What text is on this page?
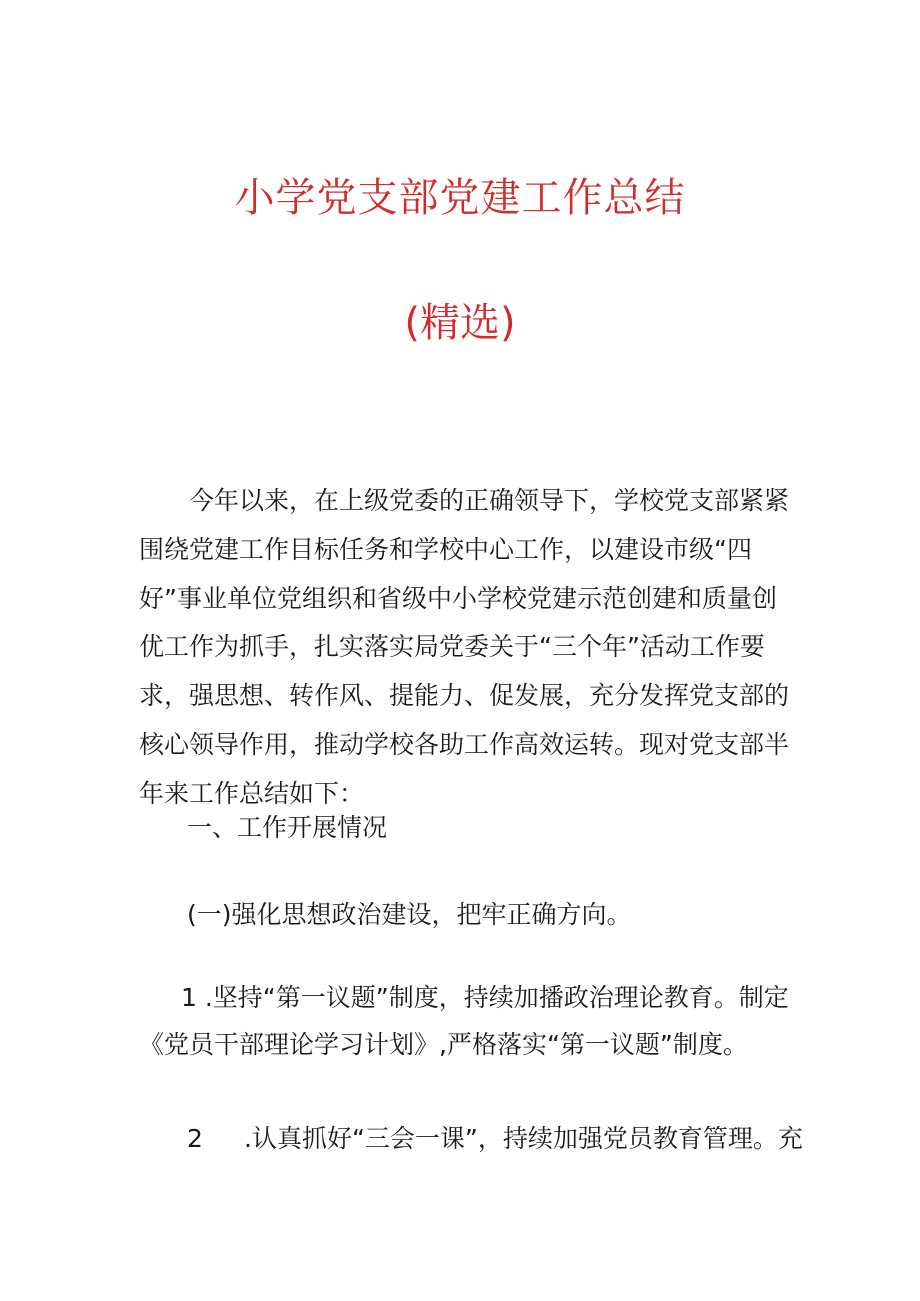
小学党支部党建工作总结
(精选)
今年以来，在上级党委的正确领导下，学校党支部紧紧围绕党建工作目标任务和学校中心工作，以建设市级“四好”事业单位党组织和省级中小学校党建示范创建和质量创优工作为抓手，扎实落实局党委关于“三个年”活动工作要求，强思想、转作风、提能力、促发展，充分发挥党支部的核心领导作用，推动学校各助工作高效运转。现对党支部半年来工作总结如下：
一、工作开展情况
(一)强化思想政治建设，把牢正确方向。
1 .坚持“第一议题”制度，持续加播政治理论教育。制定
《党员干部理论学习计划》,严格落实“第一议题”制度。
2 .认真抓好“三会一课”，持续加强党员教育管理。充
